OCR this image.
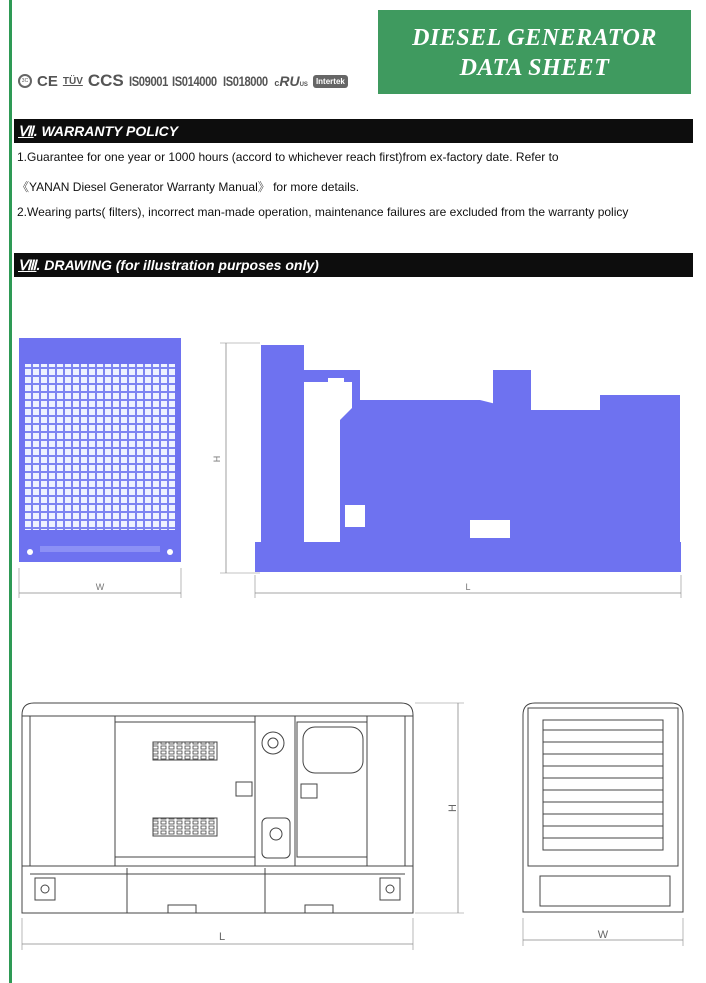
3C CE TÜV CCS IS09001 IS014000 IS018000 cRUUS	Intertek
DIESEL GENERATOR
DATA SHEET
Ⅶ. WARRANTY POLICY
1.Guarantee for one year or 1000 hours (accord to whichever reach first)from ex-factory date. Refer to
《YANAN Diesel Generator Warranty Manual》 for more details.
2.Wearing parts( filters), incorrect man-made operation, maintenance failures are excluded from the warranty policy
Ⅷ. DRAWING (for illustration purposes only)
W
H
L
L
H
W
